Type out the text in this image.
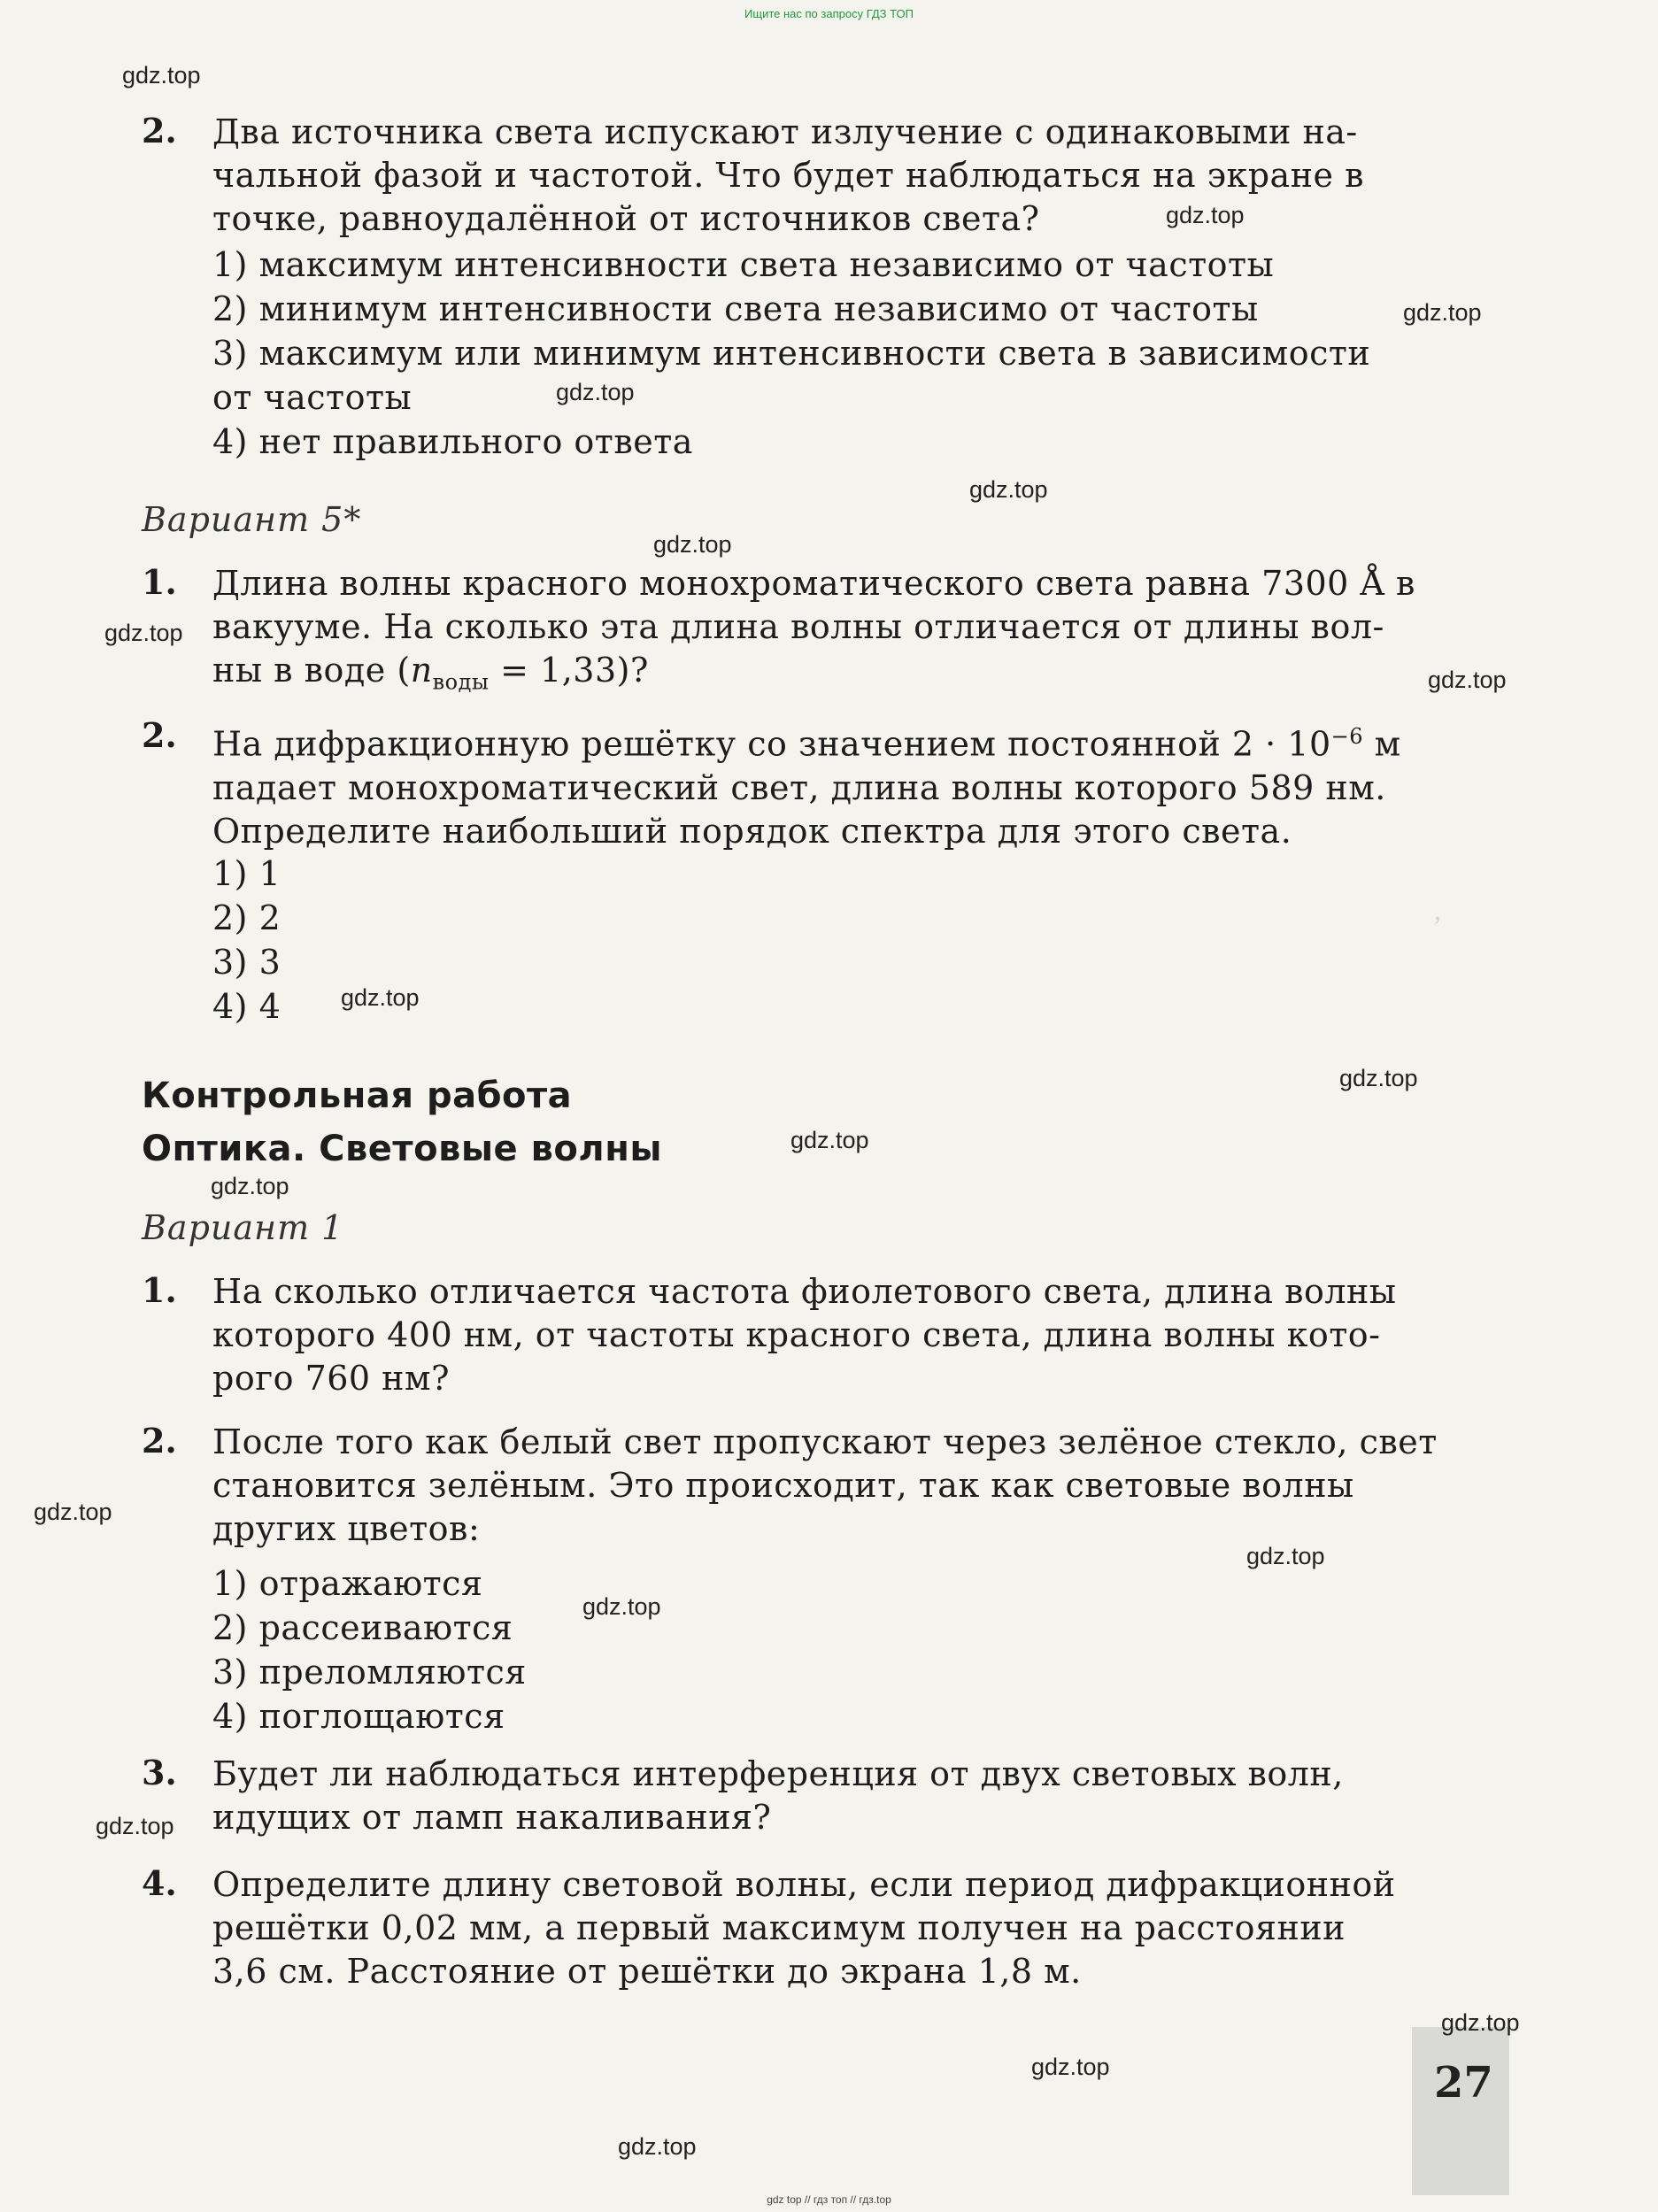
Ищите нас по запросу ГДЗ ТОП
,
2. Два источника света испускают излучение с одинаковыми на-
чальной фазой и частотой. Что будет наблюдаться на экране в
точке, равноудалённой от источников света?
1) максимум интенсивности света независимо от частоты
2) минимум интенсивности света независимо от частоты
3) максимум или минимум интенсивности света в зависимости
от частоты
4) нет правильного ответа
Вариант 5*
1. Длина волны красного монохроматического света равна 7300 Å в
вакууме. На сколько эта длина волны отличается от длины вол-
ны в воде $(n_{воды} = 1,33)$?
2. На дифракционную решётку со значением постоянной $2 \cdot 10^{-6}$ м
падает монохроматический свет, длина волны которого 589 нм.
Определите наибольший порядок спектра для этого света.
1) 1
2) 2
3) 3
4) 4
Контрольная работа
Оптика. Световые волны
Вариант 1
1. На сколько отличается частота фиолетового света, длина волны
которого 400 нм, от частоты красного света, длина волны кото-
рого 760 нм?
2. После того как белый свет пропускают через зелёное стекло, свет
становится зелёным. Это происходит, так как световые волны
других цветов:
1) отражаются
2) рассеиваются
3) преломляются
4) поглощаются
3. Будет ли наблюдаться интерференция от двух световых волн,
идущих от ламп накаливания?
4. Определите длину световой волны, если период дифракционной
решётки 0,02 мм, а первый максимум получен на расстоянии
3,6 см. Расстояние от решётки до экрана 1,8 м.
27
gdz.top
gdz.top
gdz.top
gdz.top
gdz.top
gdz.top
gdz.top
gdz.top
gdz.top
gdz.top
gdz.top
gdz.top
gdz.top
gdz.top
gdz.top
gdz.top
gdz.top
gdz.top
gdz.top
gdz top // гдз топ // гдз.top
